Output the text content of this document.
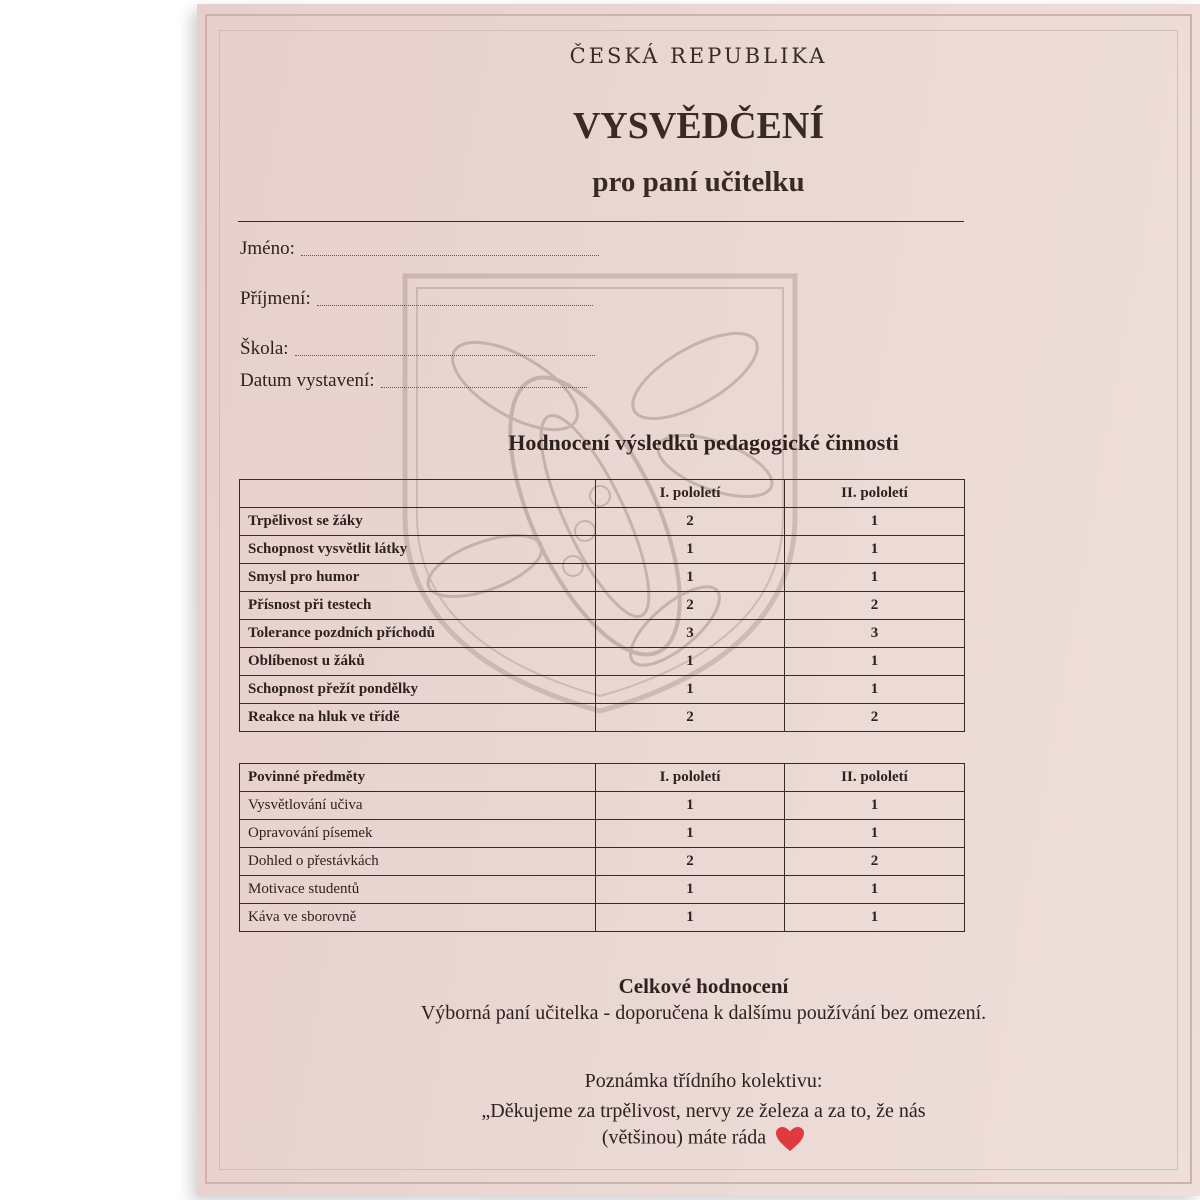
ČESKÁ REPUBLIKA
VYSVĚDČENÍ
pro paní učitelku
Jméno:
Příjmení:
Škola:
Datum vystavení:
Hodnocení výsledků pedagogické činnosti
	I. pololetí	II. pololetí
Trpělivost se žáky	2	1
Schopnost vysvětlit látky	1	1
Smysl pro humor	1	1
Přísnost při testech	2	2
Tolerance pozdních příchodů	3	3
Oblíbenost u žáků	1	1
Schopnost přežít pondělky	1	1
Reakce na hluk ve třídě	2	2
Povinné předměty	I. pololetí	II. pololetí
Vysvětlování učiva	1	1
Opravování písemek	1	1
Dohled o přestávkách	2	2
Motivace studentů	1	1
Káva ve sborovně	1	1
Celkové hodnocení
Výborná paní učitelka - doporučena k dalšímu používání bez omezení.
Poznámka třídního kolektivu:
„Děkujeme za trpělivost, nervy ze železa a za to, že nás
(většinou) máte ráda
